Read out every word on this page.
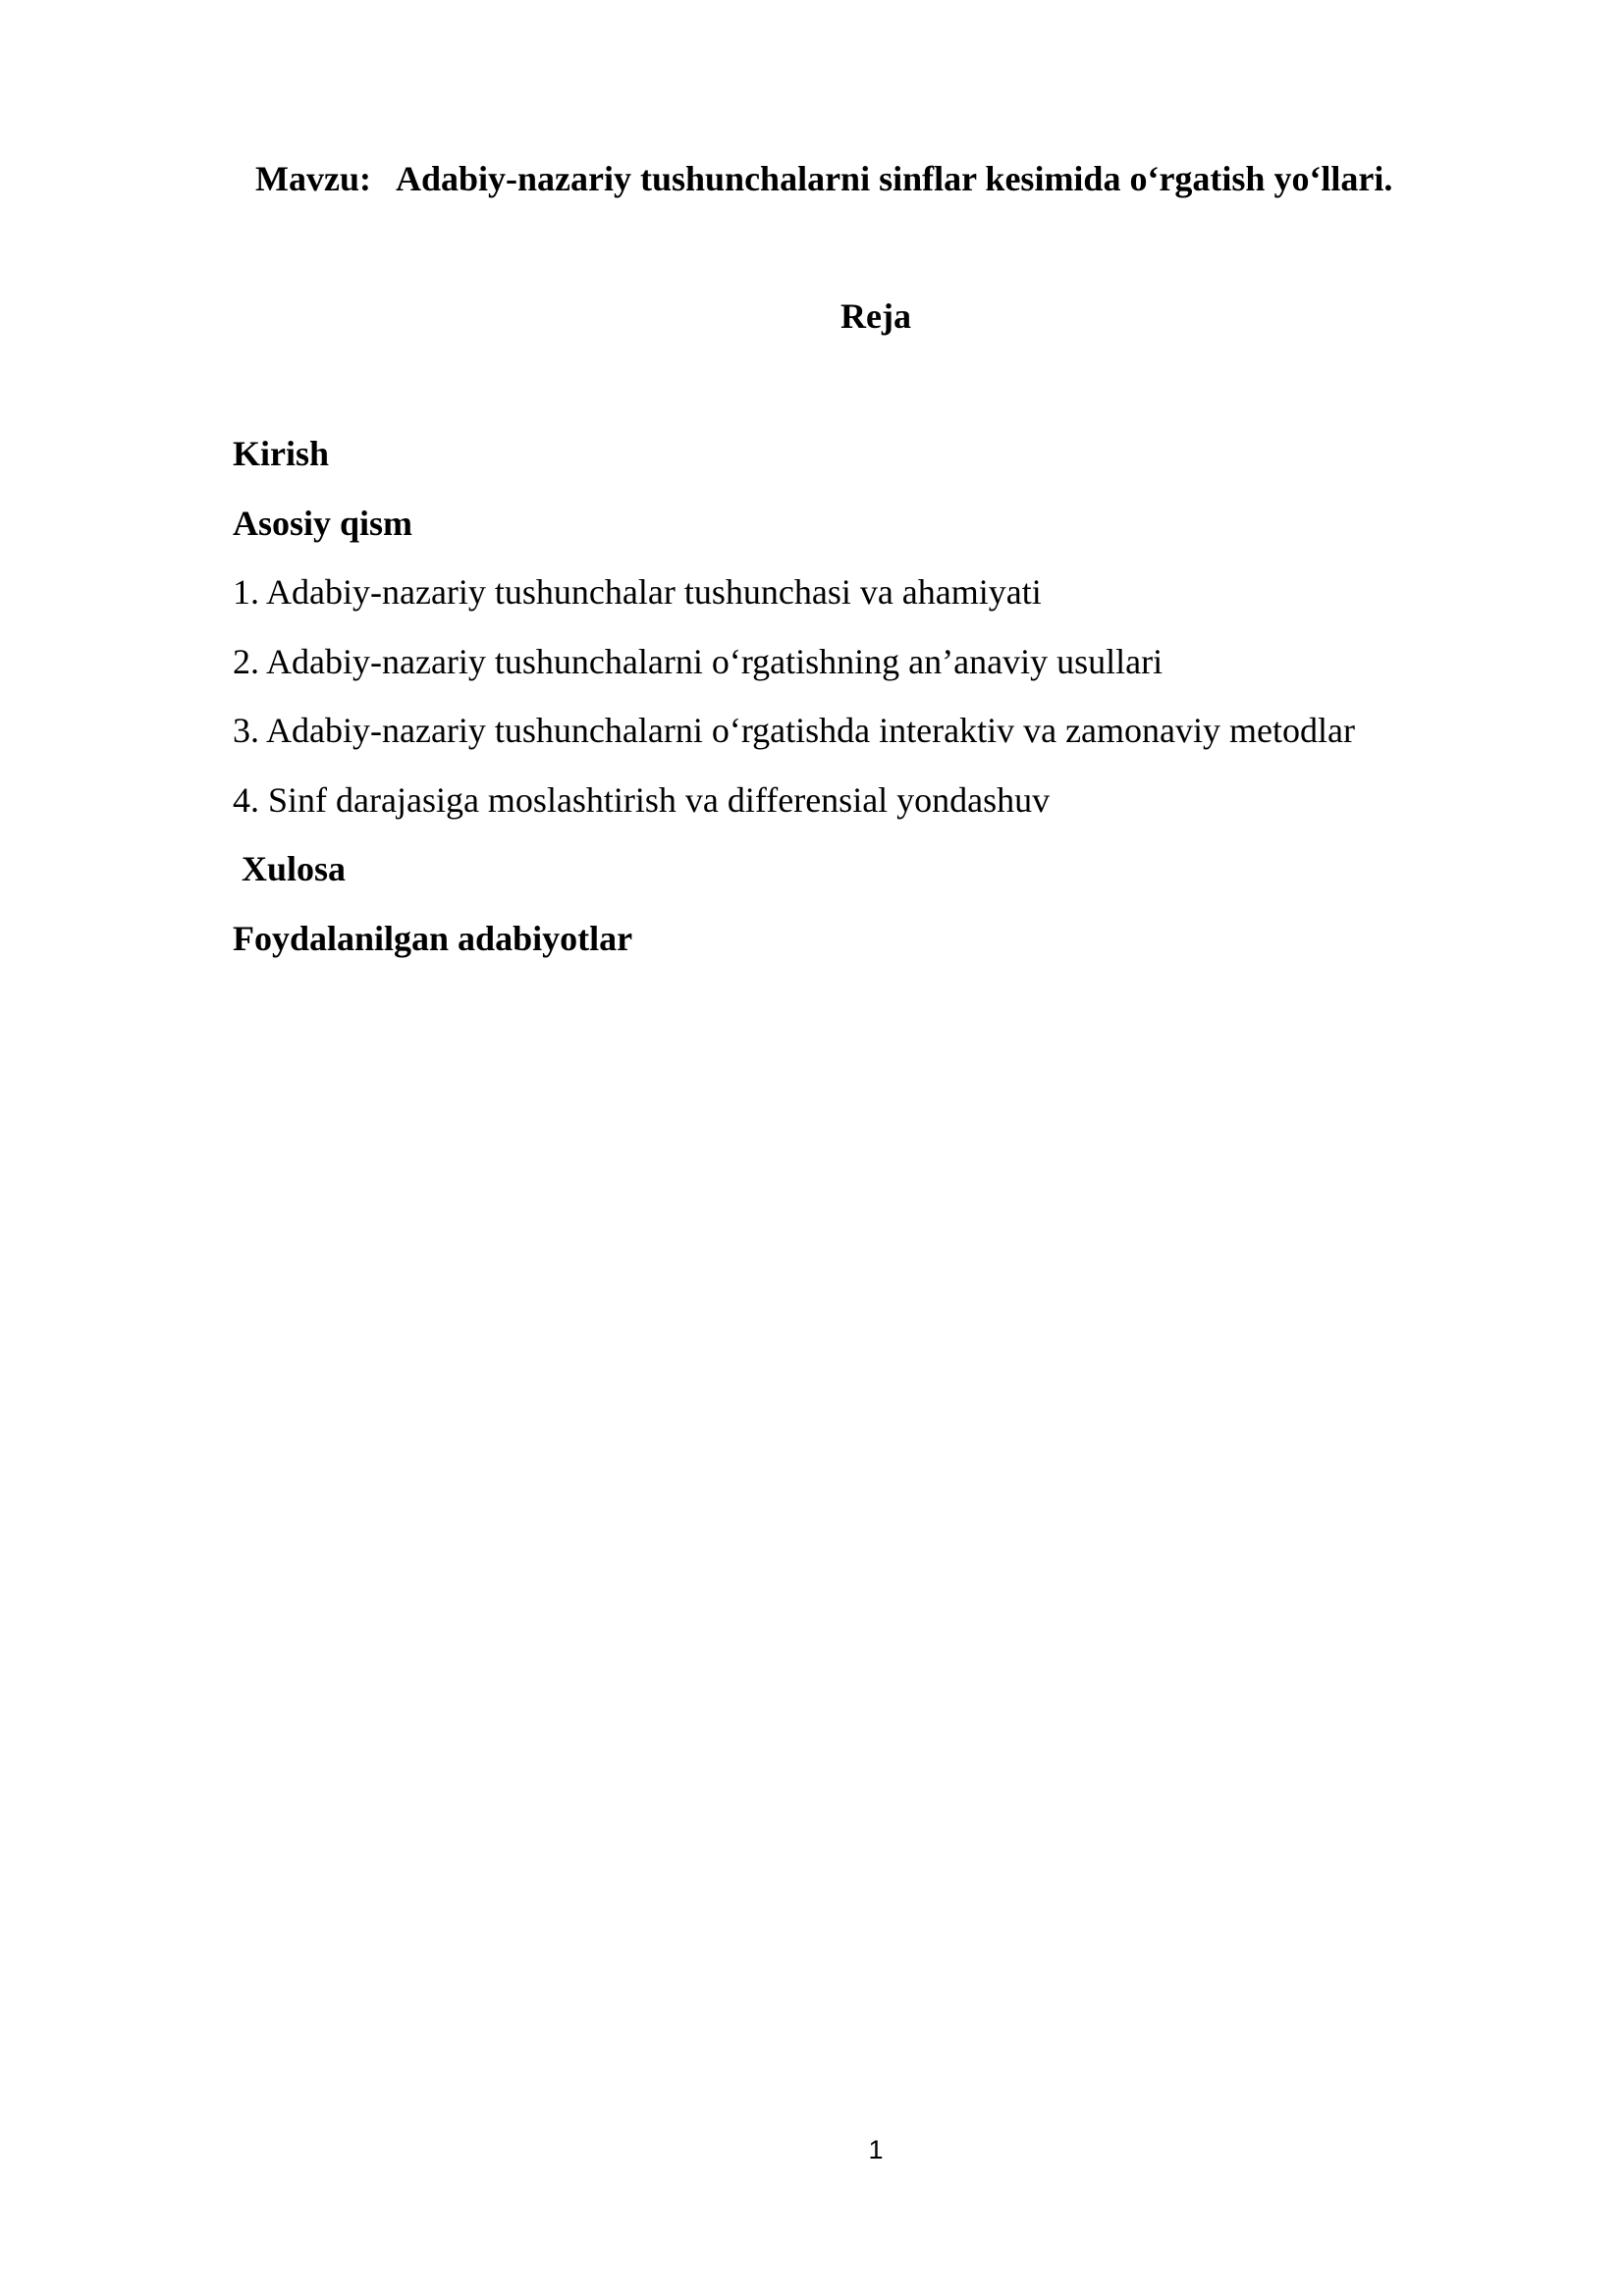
Mavzu:   Adabiy-nazariy tushunchalarni sinflar kesimida o‘rgatish yo‘llari.
Reja
Kirish
Asosiy qism
1. Adabiy-nazariy tushunchalar tushunchasi va ahamiyati
2. Adabiy-nazariy tushunchalarni o‘rgatishning an’anaviy usullari
3. Adabiy-nazariy tushunchalarni o‘rgatishda interaktiv va zamonaviy metodlar
4. Sinf darajasiga moslashtirish va differensial yondashuv
Xulosa
Foydalanilgan adabiyotlar
1
